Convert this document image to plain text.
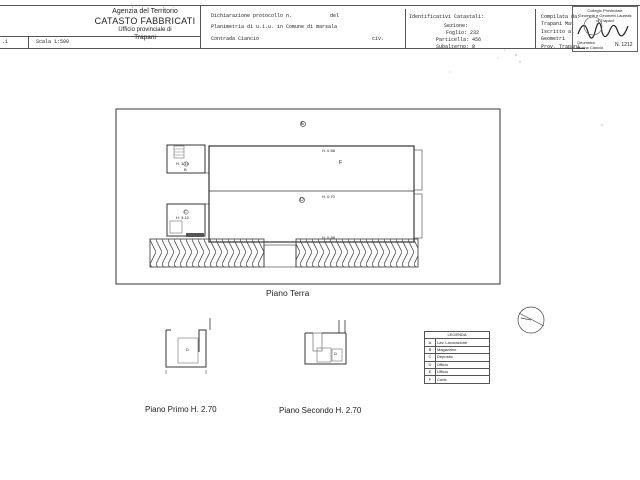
.1	Scala 1:500
Agenzia del Territorio
CATASTO FABBRICATI
Ufficio provinciale di
Trapani
Dichiarazione protocollo n.	del
Planimetria di u.i.u. in Comune di marsala
Contrada Ciancio	civ.
Identificativi Catastali:
Sezione:
Foglio: 232
Particella: 456
Subalterno: 8
Compilata da:
Trapani Mat
Iscritto al
Geometri
Prov. Trapani
Collegio Provinciale
Geometri e Geometri Laureati
di Trapani
Geometra
Molina Ciancio N. 1212
E
H. 0.58
F
H. 0.70
D
H. 0.88
H. 3.10
B
H. 3.10
C
Piano Terra
D
D
Piano Primo H. 2.70	Piano Secondo H. 2.70
LEGENDA	
A	Lav. Lavorazione
B	Magazzino
C	Deposito
D	Ufficio
E	Ufficio
F	Corte
